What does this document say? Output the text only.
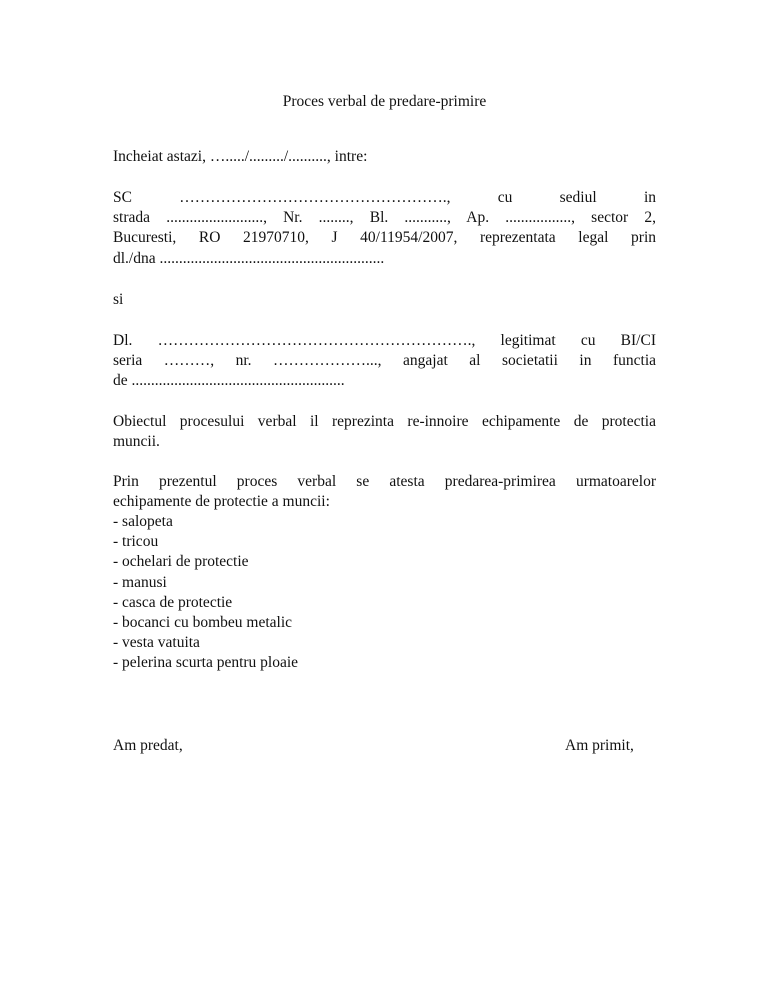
Proces verbal de predare-primire
Incheiat astazi, …...../........./.........., intre:
SC ……………………………………………., cu sediul in
strada ........................., Nr. ........, Bl. ..........., Ap. ................., sector 2,
Bucuresti, RO 21970710, J 40/11954/2007, reprezentata legal prin
dl./dna ..........................................................
si
Dl. ……………………………………………………., legitimat cu BI/CI
seria ………, nr. ………………..., angajat al societatii in functia
de .......................................................
Obiectul procesului verbal il reprezinta re-innoire echipamente de protectia
muncii.
Prin prezentul proces verbal se atesta predarea-primirea urmatoarelor
echipamente de protectie a muncii:
- salopeta
- tricou
- ochelari de protectie
- manusi
- casca de protectie
- bocanci cu bombeu metalic
- vesta vatuita
- pelerina scurta pentru ploaie
Am predat,	Am primit,
